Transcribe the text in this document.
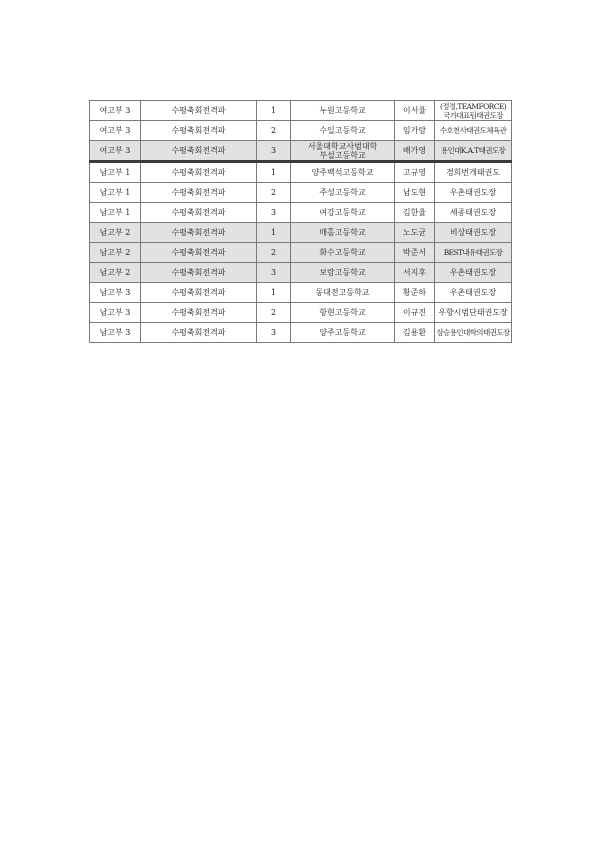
여고부 3	수평축회전격파	1	누원고등학교	이서율	(정정,TEAMFORCE)
국가대표팀태권도장

여고부 3	수평축회전격파	2	수일고등학교	임가람	수호천사태권도체육관

여고부 3	수평축회전격파	3	서울대학교사범대학
부설고등학교	배가영	용인대K.A.T태권도장

남고부 1	수평축회전격파	1	양주백석고등학교	고규영	경희번개태권도

남고부 1	수평축회전격파	2	주성고등학교	남도현	우촌태권도장

남고부 1	수평축회전격파	3	여강고등학교	김한율	세종태권도장

남고부 2	수평축회전격파	1	매홀고등학교	노도균	비상태권도장

남고부 2	수평축회전격파	2	화수고등학교	박준서	BEST내유태권도장

남고부 2	수평축회전격파	3	보람고등학교	서지후	우촌태권도장

남고부 3	수평축회전격파	1	동대전고등학교	황준하	우촌태권도장

남고부 3	수평축회전격파	2	항현고등학교	이규진	우향시범단태권도장

남고부 3	수평축회전격파	3	양주고등학교	김용환	삼승용인대학의태권도장
